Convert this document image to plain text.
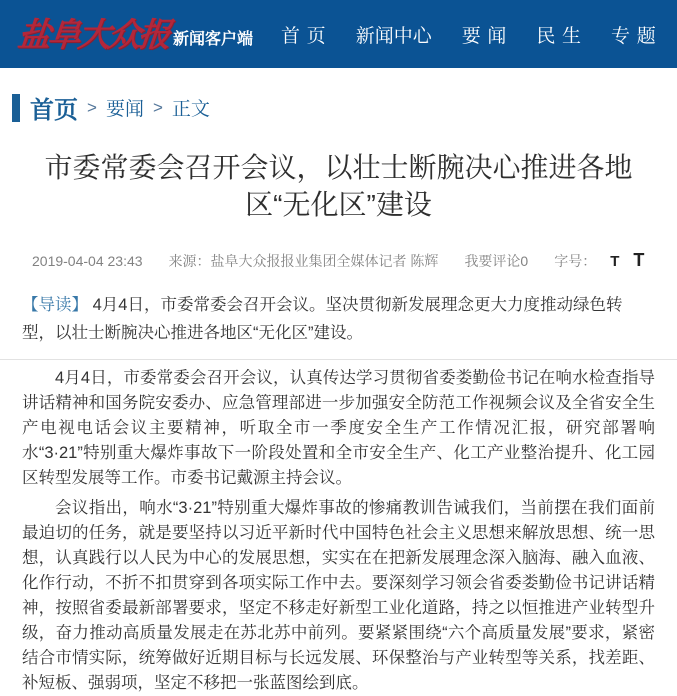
盐阜大众报 新闻客户端 首页 新闻中心 要闻 民生 专题
首页 > 要闻 > 正文
市委常委会召开会议，以壮士断腕决心推进各地区“无化区”建设
2019-04-04 23:43 来源：盐阜大众报报业集团全媒体记者 陈辉 我要评论0 字号： T T
【导读】 4月4日，市委常委会召开会议。坚决贯彻新发展理念更大力度推动绿色转型，以壮士断腕决心推进各地区“无化区”建设。

4月4日，市委常委会召开会议，认真传达学习贯彻省委娄勤俭书记在响水检查指导讲话精神和国务院安委办、应急管理部进一步加强安全防范工作视频会议及全省安全生产电视电话会议主要精神，听取全市一季度安全生产工作情况汇报，研究部署响水“3·21”特别重大爆炸事故下一阶段处置和全市安全生产、化工产业整治提升、化工园区转型发展等工作。市委书记戴源主持会议。

会议指出，响水“3·21”特别重大爆炸事故的惨痛教训告诫我们，当前摆在我们面前最迫切的任务，就是要坚持以习近平新时代中国特色社会主义思想来解放思想、统一思想，认真践行以人民为中心的发展思想，实实在在把新发展理念深入脑海、融入血液、化作行动，不折不扣贯穿到各项实际工作中去。要深刻学习领会省委娄勤俭书记讲话精神，按照省委最新部署要求，坚定不移走好新型工业化道路，持之以恒推进产业转型升级，奋力推动高质量发展走在苏北苏中前列。要紧紧围绕“六个高质量发展”要求，紧密结合市情实际，统筹做好近期目标与长远发展、环保整治与产业转型等关系，找差距、补短板、强弱项，坚定不移把一张蓝图绘到底。
